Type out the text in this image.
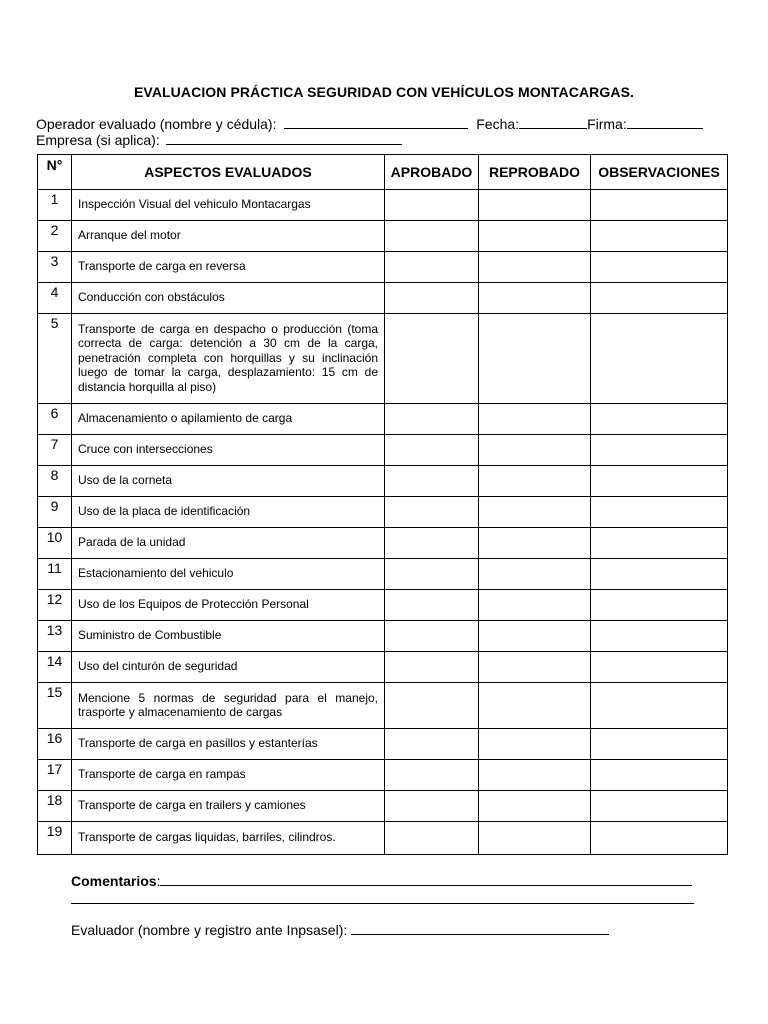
EVALUACION PRÁCTICA SEGURIDAD CON VEHÍCULOS MONTACARGAS.
Operador evaluado (nombre y cédula):	Fecha:	Firma:
Empresa (si aplica):
N°	ASPECTOS EVALUADOS	APROBADO	REPROBADO	OBSERVACIONES
1	Inspección Visual del vehiculo Montacargas			
2	Arranque del motor			
3	Transporte de carga en reversa			
4	Conducción con obstáculos			
5	Transporte de carga en despacho o producción (toma correcta de carga: detención a 30 cm de la carga, penetración completa con horquillas y su inclinación luego de tomar la carga, desplazamiento: 15 cm de distancia horquilla al piso)			
6	Almacenamiento o apilamiento de carga			
7	Cruce con intersecciones			
8	Uso de la corneta			
9	Uso de la placa de identificación			
10	Parada de la unidad			
11	Estacionamiento del vehiculo			
12	Uso de los Equipos de Protección Personal			
13	Suministro de Combustible			
14	Uso del cinturón de seguridad			
15	Mencione 5 normas de seguridad para el manejo, trasporte y almacenamiento de cargas			
16	Transporte de carga en pasillos y estanterías			
17	Transporte de carga en rampas			
18	Transporte de carga en trailers y camiones			
19	Transporte de cargas liquidas, barriles, cilindros.			
Comentarios:
Evaluador (nombre y registro ante Inpsasel):
